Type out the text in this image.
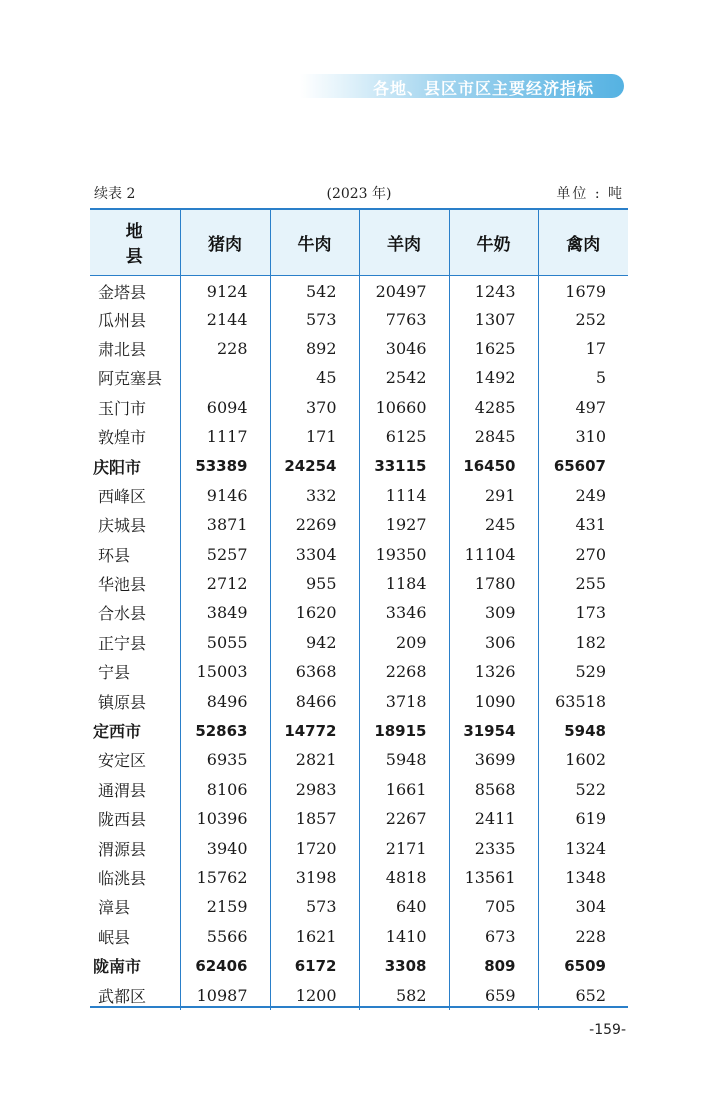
各地、县区市区主要经济指标
续表 2	(2023 年)	单位 : 吨
地 县	猪肉	牛肉	羊肉	牛奶	禽肉
金塔县	9124	542	20497	1243	1679
瓜州县	2144	573	7763	1307	252
肃北县	228	892	3046	1625	17
阿克塞县		45	2542	1492	5
玉门市	6094	370	10660	4285	497
敦煌市	1117	171	6125	2845	310
庆阳市	53389	24254	33115	16450	65607
西峰区	9146	332	1114	291	249
庆城县	3871	2269	1927	245	431
环县	5257	3304	19350	11104	270
华池县	2712	955	1184	1780	255
合水县	3849	1620	3346	309	173
正宁县	5055	942	209	306	182
宁县	15003	6368	2268	1326	529
镇原县	8496	8466	3718	1090	63518
定西市	52863	14772	18915	31954	5948
安定区	6935	2821	5948	3699	1602
通渭县	8106	2983	1661	8568	522
陇西县	10396	1857	2267	2411	619
渭源县	3940	1720	2171	2335	1324
临洮县	15762	3198	4818	13561	1348
漳县	2159	573	640	705	304
岷县	5566	1621	1410	673	228
陇南市	62406	6172	3308	809	6509
武都区	10987	1200	582	659	652
-159-
